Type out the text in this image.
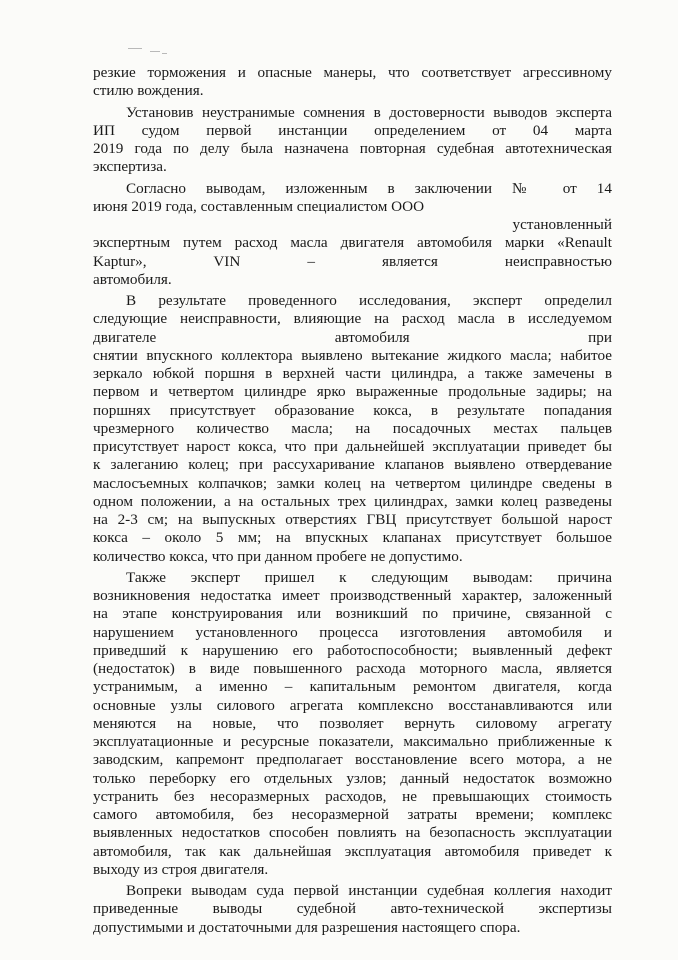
резкие торможения и опасные манеры, что соответствует агрессивному
стилю вождения.
Установив неустранимые сомнения в достоверности выводов эксперта
ИП судом первой инстанции определением от 04 марта
2019 года по делу была назначена повторная судебная автотехническая
экспертиза.
Согласно выводам, изложенным в заключении № от 14
июня 2019 года, составленным специалистом ООО
установленный
экспертным путем расход масла двигателя автомобиля марки «Renault
Kaptur», VIN – является неисправностью
автомобиля.
В результате проведенного исследования, эксперт определил
следующие неисправности, влияющие на расход масла в исследуемом
двигателе автомобиля при
снятии впускного коллектора выявлено вытекание жидкого масла; набитое
зеркало юбкой поршня в верхней части цилиндра, а также замечены в
первом и четвертом цилиндре ярко выраженные продольные задиры; на
поршнях присутствует образование кокса, в результате попадания
чрезмерного количество масла; на посадочных местах пальцев
присутствует нарост кокса, что при дальнейшей эксплуатации приведет бы
к залеганию колец; при рассухаривание клапанов выявлено отвердевание
маслосъемных колпачков; замки колец на четвертом цилиндре сведены в
одном положении, а на остальных трех цилиндрах, замки колец разведены
на 2-3 см; на выпускных отверстиях ГВЦ присутствует большой нарост
кокса – около 5 мм; на впускных клапанах присутствует большое
количество кокса, что при данном пробеге не допустимо.
Также эксперт пришел к следующим выводам: причина
возникновения недостатка имеет производственный характер, заложенный
на этапе конструирования или возникший по причине, связанной с
нарушением установленного процесса изготовления автомобиля и
приведший к нарушению его работоспособности; выявленный дефект
(недостаток) в виде повышенного расхода моторного масла, является
устранимым, а именно – капитальным ремонтом двигателя, когда
основные узлы силового агрегата комплексно восстанавливаются или
меняются на новые, что позволяет вернуть силовому агрегату
эксплуатационные и ресурсные показатели, максимально приближенные к
заводским, капремонт предполагает восстановление всего мотора, а не
только переборку его отдельных узлов; данный недостаток возможно
устранить без несоразмерных расходов, не превышающих стоимость
самого автомобиля, без несоразмерной затраты времени; комплекс
выявленных недостатков способен повлиять на безопасность эксплуатации
автомобиля, так как дальнейшая эксплуатация автомобиля приведет к
выходу из строя двигателя.
Вопреки выводам суда первой инстанции судебная коллегия находит
приведенные выводы судебной авто-технической экспертизы
допустимыми и достаточными для разрешения настоящего спора.
